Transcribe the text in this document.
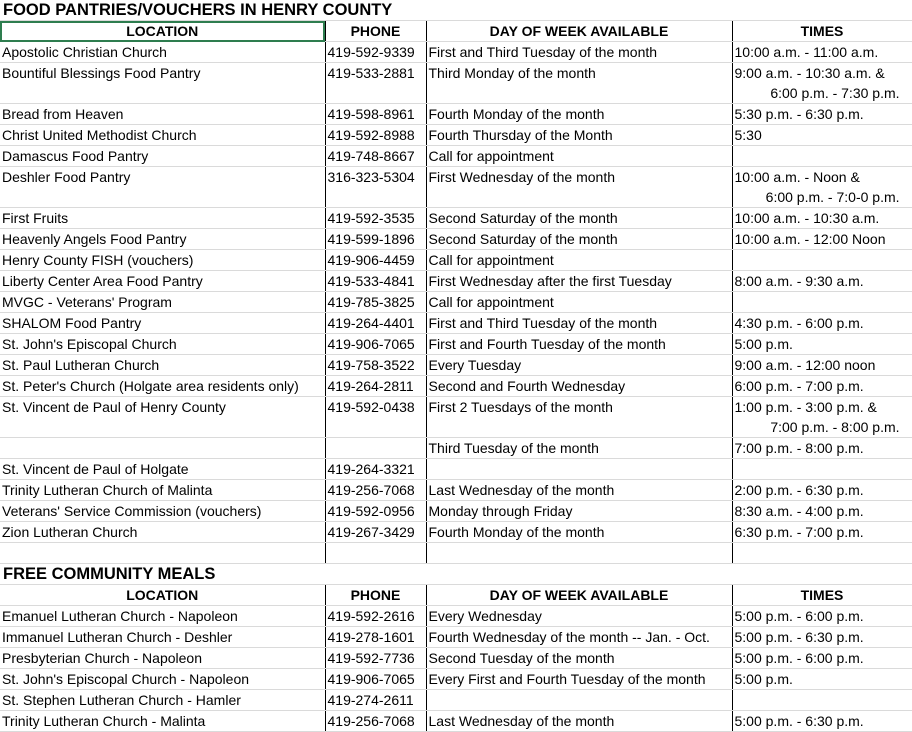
FOOD PANTRIES/VOUCHERS IN HENRY COUNTY			
LOCATION	PHONE	DAY OF WEEK AVAILABLE	TIMES
Apostolic Christian Church	419-592-9339	First and Third Tuesday of the month	10:00 a.m. - 11:00 a.m.

Bountiful Blessings Food Pantry	419-533-2881	Third Monday of the month	9:00 a.m. - 10:30 a.m. &
6:00 p.m. - 7:30 p.m.

Bread from Heaven	419-598-8961	Fourth Monday of the month	5:30 p.m. - 6:30 p.m.

Christ United Methodist Church	419-592-8988	Fourth Thursday of the Month	5:30

Damascus Food Pantry	419-748-8667	Call for appointment	

Deshler Food Pantry	316-323-5304	First Wednesday of the month	10:00 a.m. - Noon &
6:00 p.m. - 7:0-0 p.m.

First Fruits	419-592-3535	Second Saturday of the month	10:00 a.m. - 10:30 a.m.

Heavenly Angels Food Pantry	419-599-1896	Second Saturday of the month	10:00 a.m. - 12:00 Noon

Henry County FISH (vouchers)	419-906-4459	Call for appointment	

Liberty Center Area Food Pantry	419-533-4841	First Wednesday after the first Tuesday	8:00 a.m. - 9:30 a.m.

MVGC - Veterans' Program	419-785-3825	Call for appointment	

SHALOM Food Pantry	419-264-4401	First and Third Tuesday of the month	4:30 p.m. - 6:00 p.m.

St. John's Episcopal Church	419-906-7065	First and Fourth Tuesday of the month	5:00 p.m.

St. Paul Lutheran Church	419-758-3522	Every Tuesday	9:00 a.m. - 12:00 noon

St. Peter's Church (Holgate area residents only)	419-264-2811	Second and Fourth Wednesday	6:00 p.m. - 7:00 p.m.

St. Vincent de Paul of Henry County	419-592-0438	First 2 Tuesdays of the month	1:00 p.m. - 3:00 p.m. &
7:00 p.m. - 8:00 p.m.

		Third Tuesday of the month	7:00 p.m. - 8:00 p.m.

St. Vincent de Paul of Holgate	419-264-3321		

Trinity Lutheran Church of Malinta	419-256-7068	Last Wednesday of the month	2:00 p.m. - 6:30 p.m.

Veterans' Service Commission (vouchers)	419-592-0956	Monday through Friday	8:30 a.m. - 4:00 p.m.

Zion Lutheran Church	419-267-3429	Fourth Monday of the month	6:30 p.m. - 7:00 p.m.

FREE COMMUNITY MEALS			
LOCATION	PHONE	DAY OF WEEK AVAILABLE	TIMES
Emanuel Lutheran Church - Napoleon	419-592-2616	Every Wednesday	5:00 p.m. - 6:00 p.m.

Immanuel Lutheran Church - Deshler	419-278-1601	Fourth Wednesday of the month -- Jan. - Oct.	5:00 p.m. - 6:30 p.m.

Presbyterian Church - Napoleon	419-592-7736	Second Tuesday of the month	5:00 p.m. - 6:00 p.m.

St. John's Episcopal Church - Napoleon	419-906-7065	Every First and Fourth Tuesday of the month	5:00 p.m.

St. Stephen Lutheran Church - Hamler	419-274-2611		

Trinity Lutheran Church - Malinta	419-256-7068	Last Wednesday of the month	5:00 p.m. - 6:30 p.m.
